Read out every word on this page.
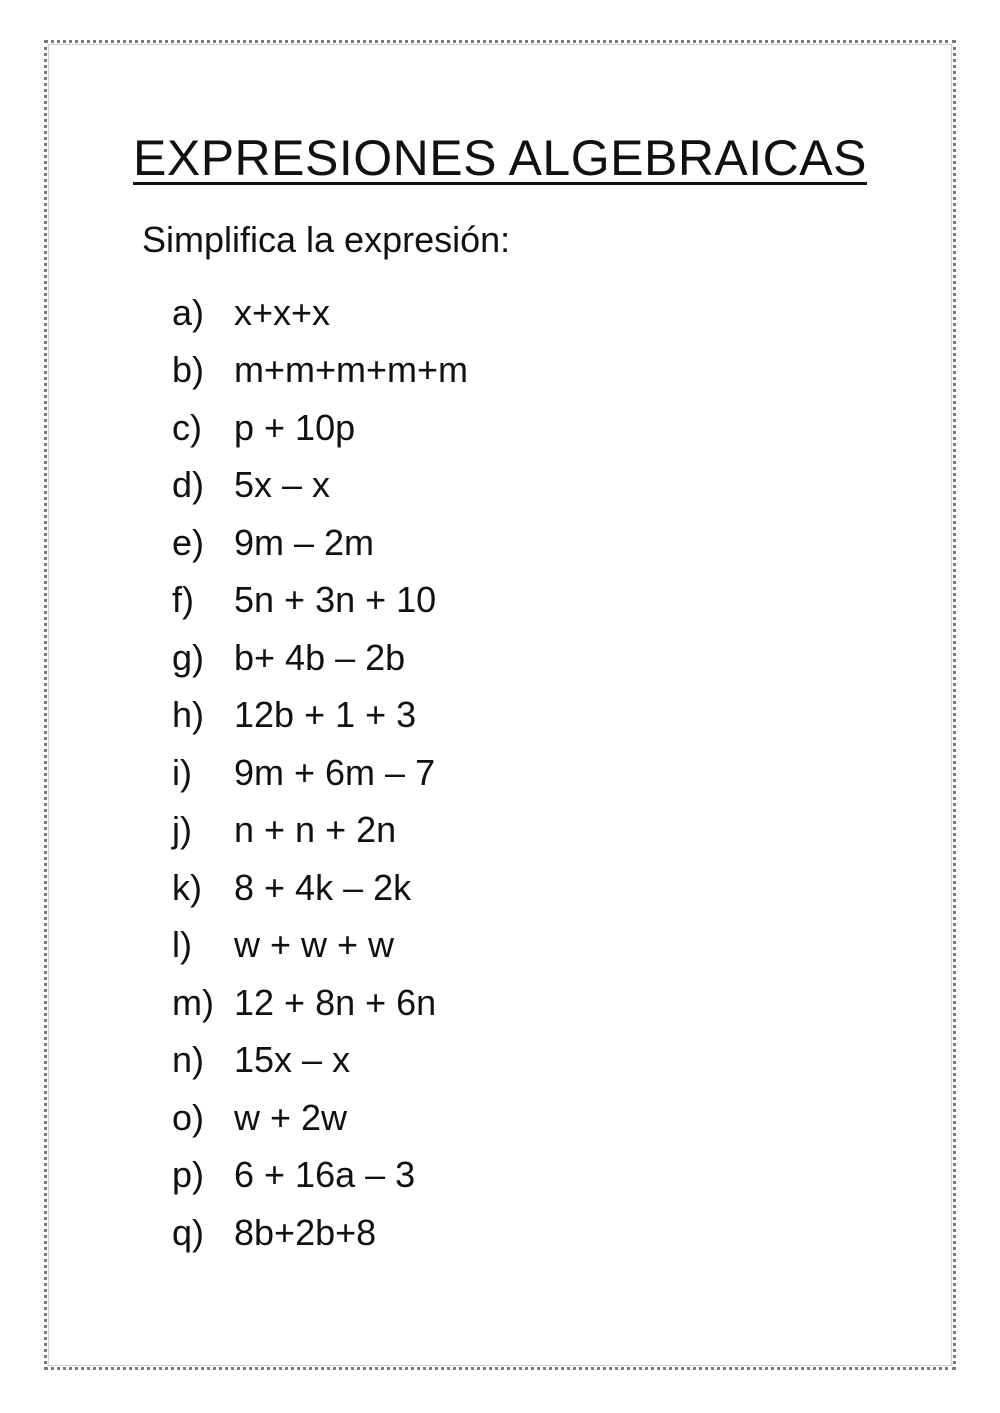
EXPRESIONES ALGEBRAICAS
Simplifica la expresión:
a) x+x+x
b) m+m+m+m+m
c) p + 10p
d) 5x – x
e) 9m – 2m
f)	5n + 3n + 10
g) b+ 4b – 2b
h) 12b + 1 + 3
i)	9m + 6m – 7
j)	n + n + 2n
k) 8 + 4k – 2k
l)	w + w + w
m) 12 + 8n + 6n
n) 15x – x
o) w + 2w
p) 6 + 16a – 3
q) 8b+2b+8
